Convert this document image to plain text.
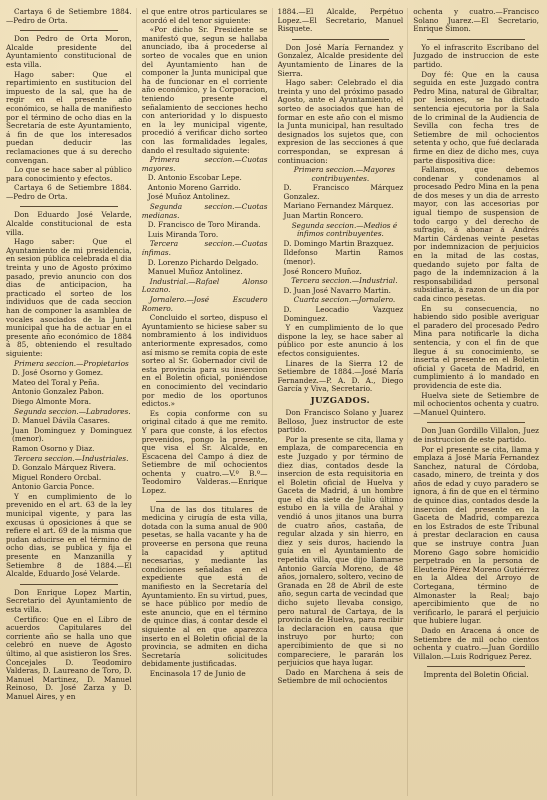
Cartaya 6 de Setiembre 1884.—Pedro de Orta.

Don Pedro de Orta Moron, Alcalde presidente del Ayuntamiento constitucional de esta villa.

Hago saber: Que el repartimiento en sustitucion del impuesto de la sal, que ha de regir en el presente año económico, se halla de manifiesto por el término de ocho dias en la Secretaría de este Ayuntamiento, á fin de que los interesados puedan deducir las reclamaciones que á su derecho convengan.

Lo que se hace saber al público para conocimiento y efectos.

Cartaya 6 de Setiembre 1884.—Pedro de Orta.

Don Eduardo José Velarde, Alcalde constitucional de esta villa.

Hago saber: Que el Ayuntamiento de mi presidencia, en sesion pública celebrada el dia treinta y uno de Agosto próximo pasado, previo anuncio con dos dias de anticipacion, ha practicado el sorteo de los individuos que de cada seccion han de componer la asamblea de vocales asociados de la Junta municipal que ha de actuar en el presente año económico de 1884 á 85, obteniendo el resultado siguiente:

Primera seccion.—Propietarios

D. José Osorno y Gomez.

Mateo del Toral y Peña.

Antonio Gonzalez Pabon.

Diego Almonte Mora.

Segunda seccion.—Labradores.

D. Manuel Dávila Casares.

Juan Dominguez y Dominguez (menor).

Ramon Osorno y Diaz.

Tercera seccion.—Industriales.

D. Gonzalo Márquez Rivera.

Miguel Rondero Orcbal.

Antonio Garcia Ponce.

Y en cumplimiento de lo prevenido en el art. 63 de la ley municipal vigente, y para las excusas ú oposiciones á que se refiere el art. 69 de la misma que pudan aducirse en el término de ocho dias, se publica y fija el presente en Manzanilla y Setiembre 8 de 1884.—El Alcalde, Eduardo José Velarde.

Don Enrique Lopez Martin, Secretario del Ayuntamiento de esta villa.

Certifico: Que en el Libro de acuerdos Capitulares del corriente año se halla uno que celebró en nueve de Agosto último, al que asistieron los Sres. Concejales D. Teodomiro Valderas, D. Laureano de Toro, D. Manuel Martinez, D. Manuel Reinoso, D. José Zarza y D. Manuel Aires, y en

el que entre otros particulares se acordó el del tenor siguiente:

«Por dicho Sr. Presidente se manifestó que, segun se hallaba anunciado, iba á procederse al sorteo de vocales que en union del Ayuntamiento han de componer la Junta municipal que ha de funcionar en el corriente año económico, y la Corporacion, teniendo presente el señalamiento de secciones hecho con anterioridad y lo dispuesto en la ley municipal vigente, procedió á verificar dicho sorteo con las formalidades legales, dando el resultado siguiente:

Primera seccion.—Cuotas mayores.

D. Antonio Escobar Lepe.

Antonio Moreno Garrido.

José Muñoz Antolinez.

Segunda seccion.—Cuotas medianas.

D. Francisco de Toro Miranda.

Luis Miranda Toro.

Tercera seccion.—Cuotas ínfimas.

D. Lorenzo Pichardo Delgado.

Manuel Muñoz Antolinez.

Industrial.—Rafael Alonso Lozano.

Jornalero.—José Escudero Romero.

Concluido el sorteo, dispuso el Ayuntamiento se hiciese saber su nombramiento á los individuos anteriormente expresados, como así mismo se remita copia de este sorteo al Sr. Gobernador civil de esta provincia para su insercion en el Boletin oficial, poniéndose en conocimiento del vecindario por medio de los oportunos edictos.»

Es copia conforme con su original citado á que me remito. Y para que conste, á los efectos prevenidos, pongo la presente, que visa el Sr. Alcalde, en Escacena del Campo á diez de Setiembre de mil ochocientos ochenta y cuatro.—V.º B.º—Teodomiro Valderas.—Enrique Lopez.

Una de las dos titulares de medicina y cirugía de esta villa, dotada con la suma anual de 900 pesetas, se halla vacante y ha de proveerse en persona que reuna la capacidad y aptitud necesarias, y mediante las condiciones señaladas en el expediente que está de manifiesto en la Secretaría del Ayuntamiento. En su virtud, pues, se hace público por medio de este anuncio, que en el término de quince dias, á contar desde el siguiente al en que aparezca inserto en el Boletin oficial de la provincia, se admiten en dicha Secretaría solicitudes debidamente justificadas.

Encinasola 17 de Junio de

1884.—El Alcalde, Perpétuo Lopez.—El Secretario, Manuel Risquete.

Don José María Fernandez y Gonzalez, Alcalde presidente del Ayuntamiento de Linares de la Sierra.

Hago saber: Celebrado el dia treinta y uno del próximo pasado Agosto, ante el Ayuntamiento, el sorteo de asociados que han de formar en este año con el mismo la Junta municipal, han resultado designados los sujetos que, con expresion de las secciones á que correspondan, se expresan á continuacion:

Primera seccion.—Mayores contribuyentes.

D. Francisco Márquez Gonzalez.

Mariano Fernandez Márquez.

Juan Martin Roncero.

Segunda seccion.—Medios é ínfimos contribuyentes.

D. Domingo Martin Brazquez.

Ildefonso Martin Ramos (menor).

José Roncero Muñoz.

Tercera seccion.—Industrial.

D. Juan José Navarro Martin.

Cuarta seccion.—Jornalero.

D. Leocadio Vazquez Dominguez.

Y en cumplimiento de lo que dispone la ley, se hace saber al público por este anuncio á los efectos consiguientes.

Linares de la Sierra 12 de Setiembre de 1884.—José María Fernandez.—P. A. D. A., Diego García y Viva, Secretario.

JUZGADOS.

Don Francisco Solano y Juarez Belloso, Juez instructor de este partido.

Por la presente se cita, llama y emplaza, de comparecencia en este Juzgado y por término de diez dias, contados desde la insercion de esta requisitoria en el Boletin oficial de Huelva y Gaceta de Madrid, á un hombre que el dia siete de Julio último estubo en la villa de Arahal y vendió á unos jitanos una burra de cuatro años, castaña, de regular alzada y sin hierro, en diez y seis duros, haciendo la guía en el Ayuntamiento de repetida villa, que dijo llamarse Antonio García Moreno, de 48 años, jornalero, soltero, vecino de Granada en 28 de Abril de este año, segun carta de vecindad que dicho sujeto llevaba consigo, pero natural de Cartaya, de la provincia de Huelva, para recibir la declaracion en causa que instruyo por hurto; con apercibimiento de que si no compareciere, le pararán los perjuicios que haya lugar.

Dado en Marchena á seis de Setiembre de mil ochocientos

ochenta y cuatro.—Francisco Solano Juarez.—El Secretario, Enrique Simon.

Yo el infrascrito Escribano del Juzgado de instruccion de este partido.

Doy fé: Que en la causa seguida en este Juzgado contra Pedro Mina, natural de Gibraltar, por lesiones, se ha dictado sentencia ejecutoria por la Sala de lo criminal de la Audiencia de Sevilla con fecha tres de Setiembre de mil ochocientos setenta y ocho, que fué declarada firme en diez de dicho mes, cuya parte dispositiva dice:

Fallamos, que debemos condenar y condenamos al procesado Pedro Mina en la pena de dos meses y un dia de arresto mayor, con las accesorias por igual tiempo de suspension de todo cargo y del derecho de sufragio, á abonar á Andrés Martin Cárdenas veinte pesetas por indemnizacion de perjuicios en la mitad de las costas, quedando sujeto por falta de pago de la indemnizacion á la responsabilidad personal subsidiaria, á razon de un dia por cada cinco pesetas.

En su consecuencia, no habiendo sido posible averiguar el paradero del procesado Pedro Mina para notificarle la dicha sentencia, y con el fin de que llegue á su conocimiento, se inserta el presente en el Boletin oficial y Gaceta de Madrid, en cumplimiento á lo mandado en providencia de este dia.

Huelva siete de Setiembre de mil ochocientos ochenta y cuatro.—Manuel Quintero.

Don Juan Gordillo Villalon, Juez de instruccion de este partido.

Por el presente se cita, llama y emplaza á José María Fernandez Sanchez, natural de Córdoba, casado, minero, de treinta y dos años de edad y cuyo paradero se ignora, á fin de que en el término de quince dias, contados desde la insercion del presente en la Gaceta de Madrid, comparezca en los Estrados de este Tribunal á prestar declaracion en causa que se instruye contra Juan Moreno Gago sobre homicidio perpetrado en la persona de Eleuterio Pérez Moreno Gutiérrez en la Aldea del Arroyo de Cortegana, término de Almonaster la Real; bajo apercibimiento que de no verificarlo, le parará el perjuicio que hubiere lugar.

Dado en Aracena á once de Setiembre de mil ocho cientos ochenta y cuatro.—Juan Gordillo Villalon.—Luis Rodriguez Perez.

Imprenta del Boletin Oficial.
